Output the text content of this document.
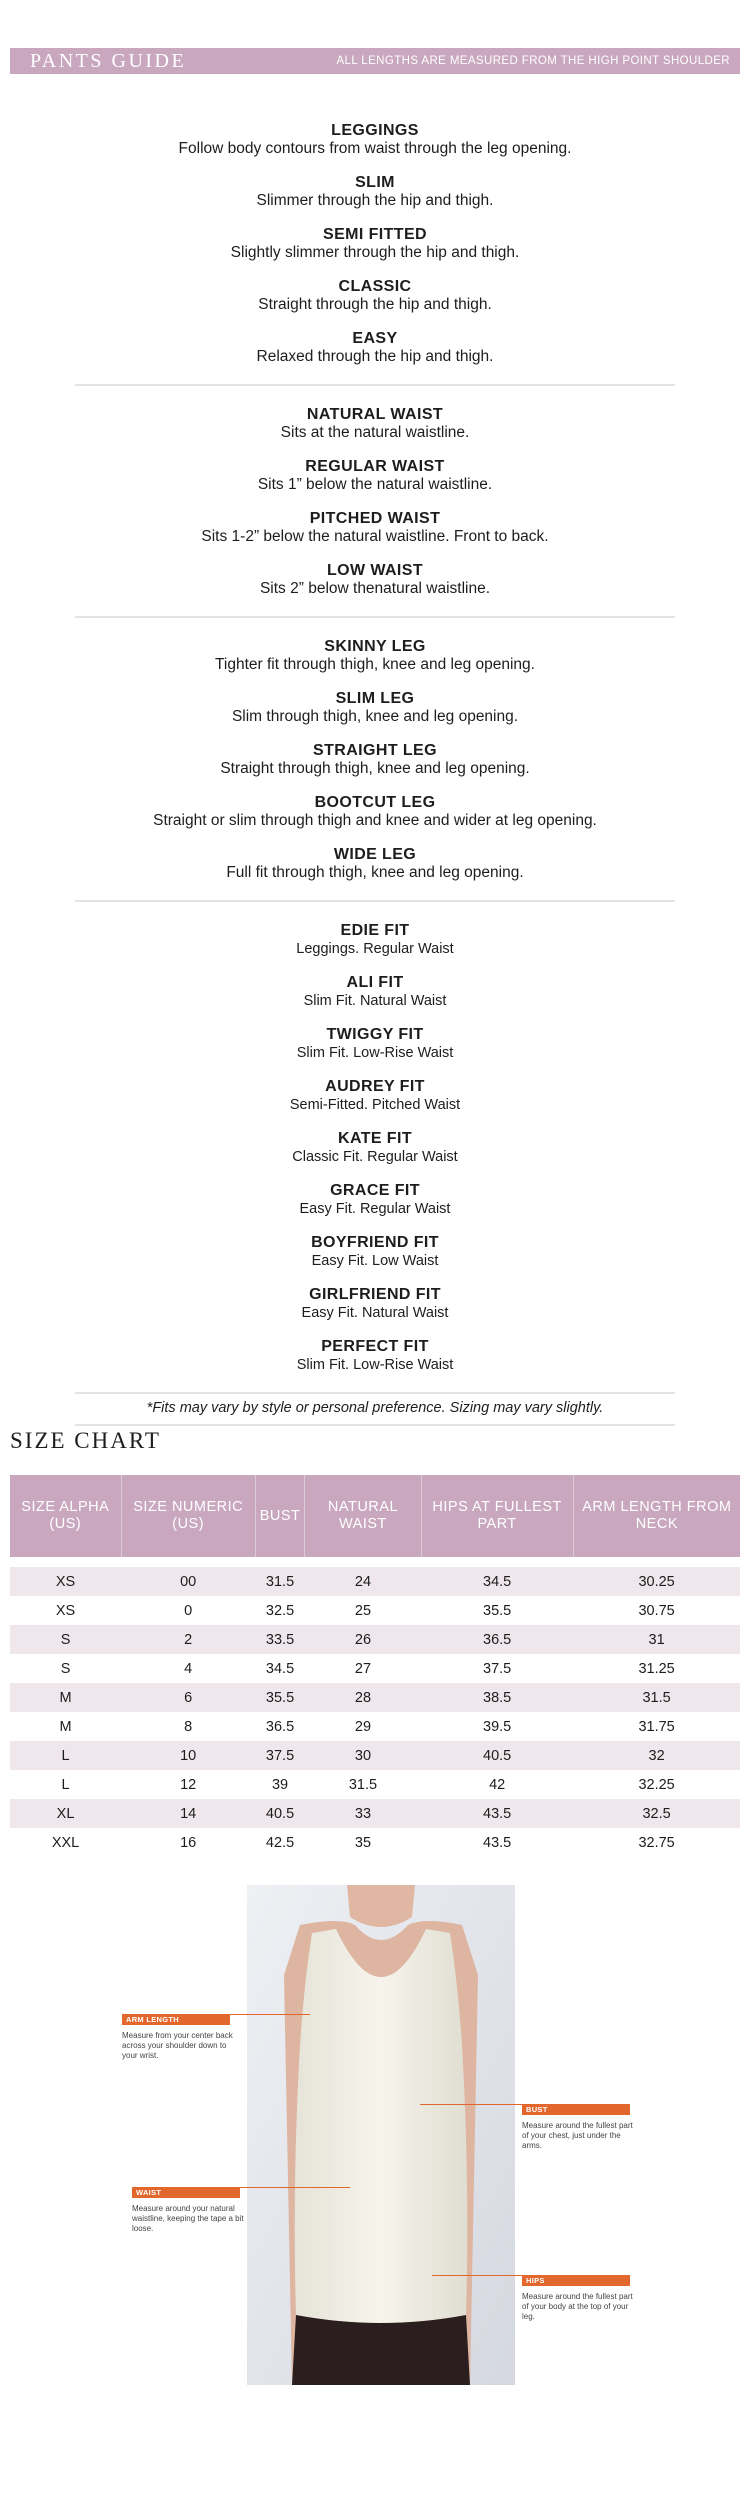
PANTS GUIDE	ALL LENGTHS ARE MEASURED FROM THE HIGH POINT SHOULDER
LEGGINGS
Follow body contours from waist through the leg opening.
SLIM
Slimmer through the hip and thigh.
SEMI FITTED
Slightly slimmer through the hip and thigh.
CLASSIC
Straight through the hip and thigh.
EASY
Relaxed through the hip and thigh.
NATURAL WAIST
Sits at the natural waistline.
REGULAR WAIST
Sits 1” below the natural waistline.
PITCHED WAIST
Sits 1-2” below the natural waistline. Front to back.
LOW WAIST
Sits 2” below thenatural waistline.
SKINNY LEG
Tighter fit through thigh, knee and leg opening.
SLIM LEG
Slim through thigh, knee and leg opening.
STRAIGHT LEG
Straight through thigh, knee and leg opening.
BOOTCUT LEG
Straight or slim through thigh and knee and wider at leg opening.
WIDE LEG
Full fit through thigh, knee and leg opening.
EDIE FIT
Leggings. Regular Waist
ALI FIT
Slim Fit. Natural Waist
TWIGGY FIT
Slim Fit. Low-Rise Waist
AUDREY FIT
Semi-Fitted. Pitched Waist
KATE FIT
Classic Fit. Regular Waist
GRACE FIT
Easy Fit. Regular Waist
BOYFRIEND FIT
Easy Fit. Low Waist
GIRLFRIEND FIT
Easy Fit. Natural Waist
PERFECT FIT
Slim Fit. Low-Rise Waist
*Fits may vary by style or personal preference. Sizing may vary slightly.
SIZE CHART
SIZE ALPHA (US)	SIZE NUMERIC (US)	BUST	NATURAL WAIST	HIPS AT FULLEST PART	ARM LENGTH FROM NECK

XS	00	31.5	24	34.5	30.25
XS	0	32.5	25	35.5	30.75
S	2	33.5	26	36.5	31
S	4	34.5	27	37.5	31.25
M	6	35.5	28	38.5	31.5
M	8	36.5	29	39.5	31.75
L	10	37.5	30	40.5	32
L	12	39	31.5	42	32.25
XL	14	40.5	33	43.5	32.5
XXL	16	42.5	35	43.5	32.75
ARM LENGTH
Measure from your center back across your shoulder down to your wrist.
BUST
Measure around the fullest part of your chest, just under the arms.
WAIST
Measure around your natural waistline, keeping the tape a bit loose.
HIPS
Measure around the fullest part of your body at the top of your leg.
